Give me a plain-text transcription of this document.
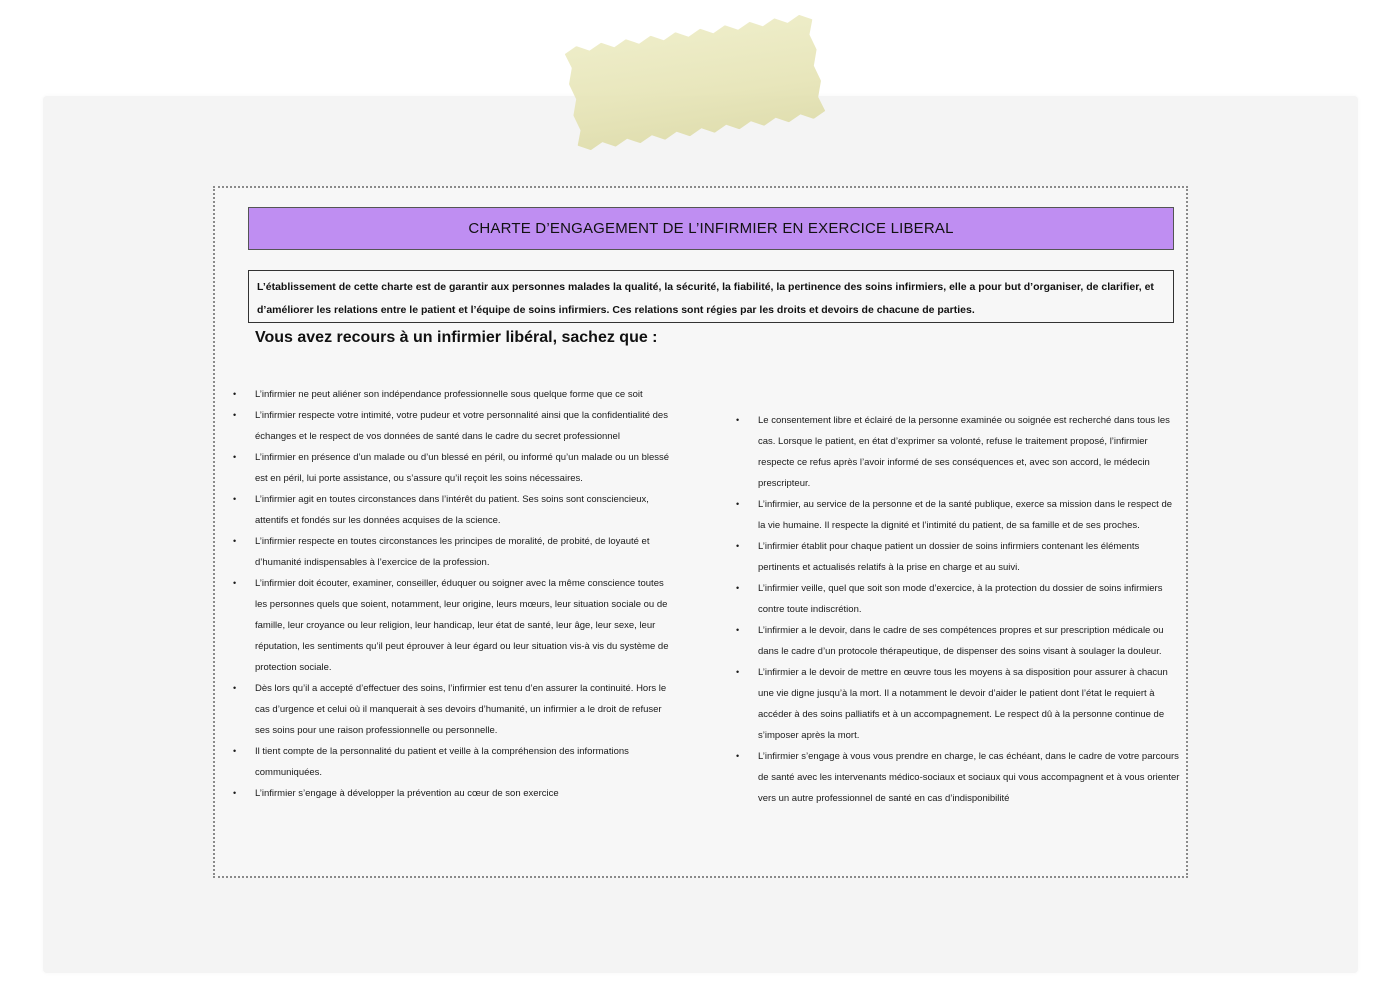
CHARTE D’ENGAGEMENT DE L’INFIRMIER EN EXERCICE LIBERAL
L’établissement de cette charte est de garantir aux personnes malades la qualité, la sécurité, la fiabilité, la pertinence des soins infirmiers, elle a pour but d’organiser, de clarifier, et d’améliorer les relations entre le patient et l’équipe de soins infirmiers. Ces relations sont régies par les droits et devoirs de chacune de parties.
Vous avez recours à un infirmier libéral, sachez que :
• L’infirmier ne peut aliéner son indépendance professionnelle sous quelque forme que ce soit
• L’infirmier respecte votre intimité, votre pudeur et votre personnalité ainsi que la confidentialité des échanges et le respect de vos données de santé dans le cadre du secret professionnel
• L’infirmier en présence d’un malade ou d’un blessé en péril, ou informé qu’un malade ou un blessé est en péril, lui porte assistance, ou s’assure qu’il reçoit les soins nécessaires.
• L’infirmier agit en toutes circonstances dans l’intérêt du patient. Ses soins sont consciencieux, attentifs et fondés sur les données acquises de la science.
• L’infirmier respecte en toutes circonstances les principes de moralité, de probité, de loyauté et d’humanité indispensables à l’exercice de la profession.
• L’infirmier doit écouter, examiner, conseiller, éduquer ou soigner avec la même conscience toutes les personnes quels que soient, notamment, leur origine, leurs mœurs, leur situation sociale ou de famille, leur croyance ou leur religion, leur handicap, leur état de santé, leur âge, leur sexe, leur réputation, les sentiments qu’il peut éprouver à leur égard ou leur situation vis-à vis du système de protection sociale.
• Dès lors qu’il a accepté d’effectuer des soins, l’infirmier est tenu d’en assurer la continuité. Hors le cas d’urgence et celui où il manquerait à ses devoirs d’humanité, un infirmier a le droit de refuser ses soins pour une raison professionnelle ou personnelle.
• Il tient compte de la personnalité du patient et veille à la compréhension des informations communiquées.
• L’infirmier s’engage à développer la prévention au cœur de son exercice
• Le consentement libre et éclairé de la personne examinée ou soignée est recherché dans tous les cas. Lorsque le patient, en état d’exprimer sa volonté, refuse le traitement proposé, l’infirmier respecte ce refus après l’avoir informé de ses conséquences et, avec son accord, le médecin prescripteur.
• L’infirmier, au service de la personne et de la santé publique, exerce sa mission dans le respect de la vie humaine. Il respecte la dignité et l’intimité du patient, de sa famille et de ses proches.
• L’infirmier établit pour chaque patient un dossier de soins infirmiers contenant les éléments pertinents et actualisés relatifs à la prise en charge et au suivi.
• L’infirmier veille, quel que soit son mode d’exercice, à la protection du dossier de soins infirmiers contre toute indiscrétion.
• L’infirmier a le devoir, dans le cadre de ses compétences propres et sur prescription médicale ou dans le cadre d’un protocole thérapeutique, de dispenser des soins visant à soulager la douleur.
• L’infirmier a le devoir de mettre en œuvre tous les moyens à sa disposition pour assurer à chacun une vie digne jusqu’à la mort. Il a notamment le devoir d’aider le patient dont l’état le requiert à accéder à des soins palliatifs et à un accompagnement. Le respect dû à la personne continue de s’imposer après la mort.
• L’infirmier s’engage à vous vous prendre en charge, le cas échéant, dans le cadre de votre parcours de santé avec les intervenants médico-sociaux et sociaux qui vous accompagnent et à vous orienter vers un autre professionnel de santé en cas d’indisponibilité
